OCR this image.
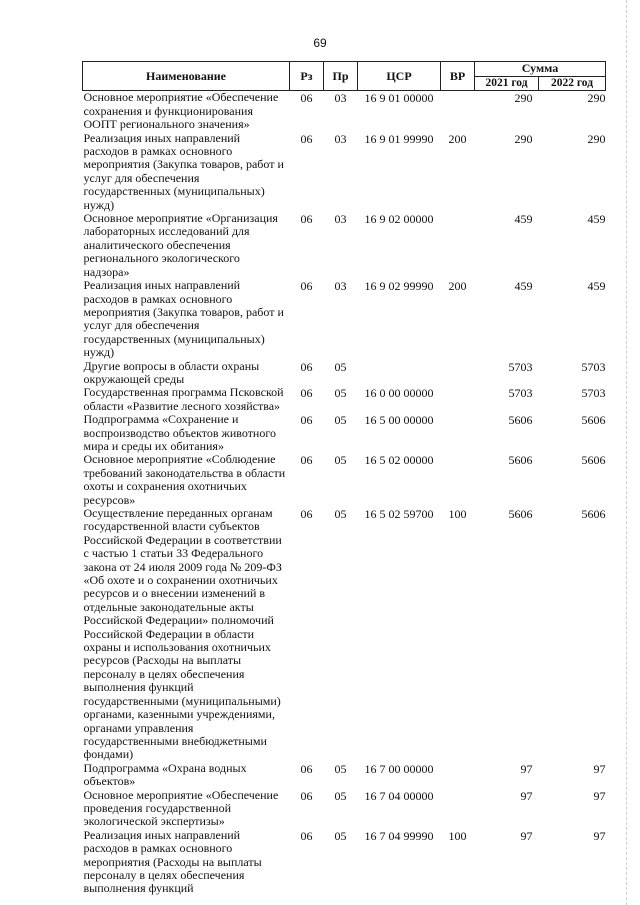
69
Наименование	Рз	Пр	ЦСР	ВР	Сумма	
					2021 год	2022 год
Основное мероприятие «Обеспечение сохранения и функционирования ООПТ регионального значения»	06	03	16 9 01 00000		290	290
Реализация иных направлений расходов в рамках основного мероприятия (Закупка товаров, работ и услуг для обеспечения государственных (муниципальных) нужд)	06	03	16 9 01 99990	200	290	290
Основное мероприятие «Организация лабораторных исследований для аналитического обеспечения регионального экологического надзора»	06	03	16 9 02 00000		459	459
Реализация иных направлений расходов в рамках основного мероприятия (Закупка товаров, работ и услуг для обеспечения государственных (муниципальных) нужд)	06	03	16 9 02 99990	200	459	459
Другие вопросы в области охраны окружающей среды	06	05			5703	5703
Государственная программа Псковской области «Развитие лесного хозяйства»	06	05	16 0 00 00000		5703	5703
Подпрограмма «Сохранение и воспроизводство объектов животного мира и среды их обитания»	06	05	16 5 00 00000		5606	5606
Основное мероприятие «Соблюдение требований законодательства в области охоты и сохранения охотничьих ресурсов»	06	05	16 5 02 00000		5606	5606
Осуществление переданных органам государственной власти субъектов Российской Федерации в соответствии с частью 1 статьи 33 Федерального закона от 24 июля 2009 года № 209-ФЗ «Об охоте и о сохранении охотничьих ресурсов и о внесении изменений в отдельные законодательные акты Российской Федерации» полномочий Российской Федерации в области охраны и использования охотничьих ресурсов (Расходы на выплаты персоналу в целях обеспечения выполнения функций государственными (муниципальными) органами, казенными учреждениями, органами управления государственными внебюджетными фондами)	06	05	16 5 02 59700	100	5606	5606
Подпрограмма «Охрана водных объектов»	06	05	16 7 00 00000		97	97
Основное мероприятие «Обеспечение проведения государственной экологической экспертизы»	06	05	16 7 04 00000		97	97
Реализация иных направлений расходов в рамках основного мероприятия (Расходы на выплаты персоналу в целях обеспечения выполнения функций	06	05	16 7 04 99990	100	97	97
